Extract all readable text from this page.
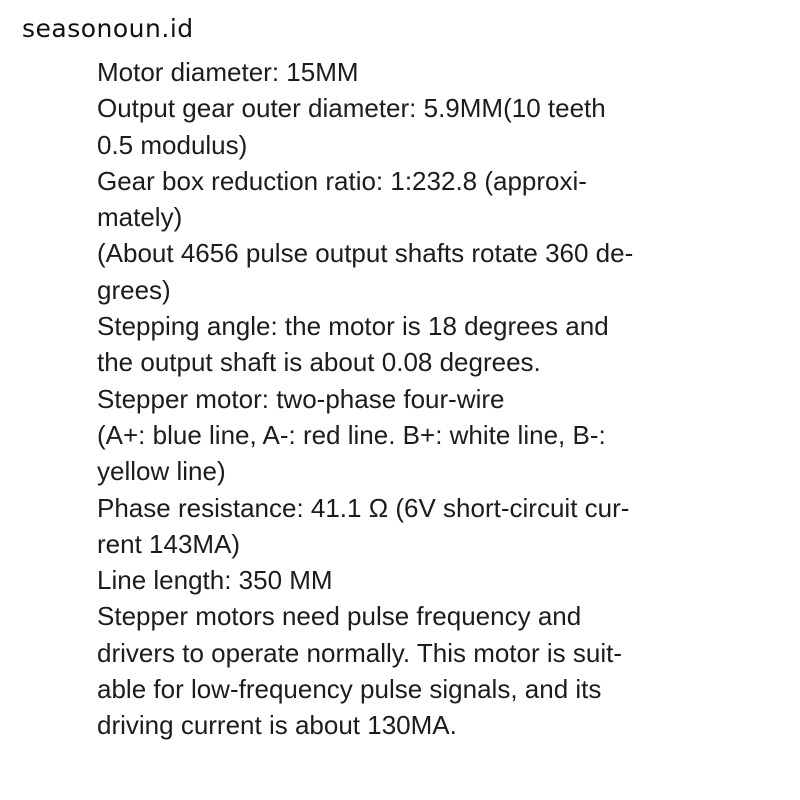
seasonoun.id
Motor diameter: 15MM
Output gear outer diameter: 5.9MM(10 teeth
0.5 modulus)
Gear box reduction ratio: 1:232.8 (approxi-
mately)
(About 4656 pulse output shafts rotate 360 de-
grees)
Stepping angle: the motor is 18 degrees and
the output shaft is about 0.08 degrees.
Stepper motor: two-phase four-wire
(A+: blue line, A-: red line. B+: white line, B-:
yellow line)
Phase resistance: 41.1 Ω (6V short-circuit cur-
rent 143MA)
Line length: 350 MM
Stepper motors need pulse frequency and
drivers to operate normally. This motor is suit-
able for low-frequency pulse signals, and its
driving current is about 130MA.
